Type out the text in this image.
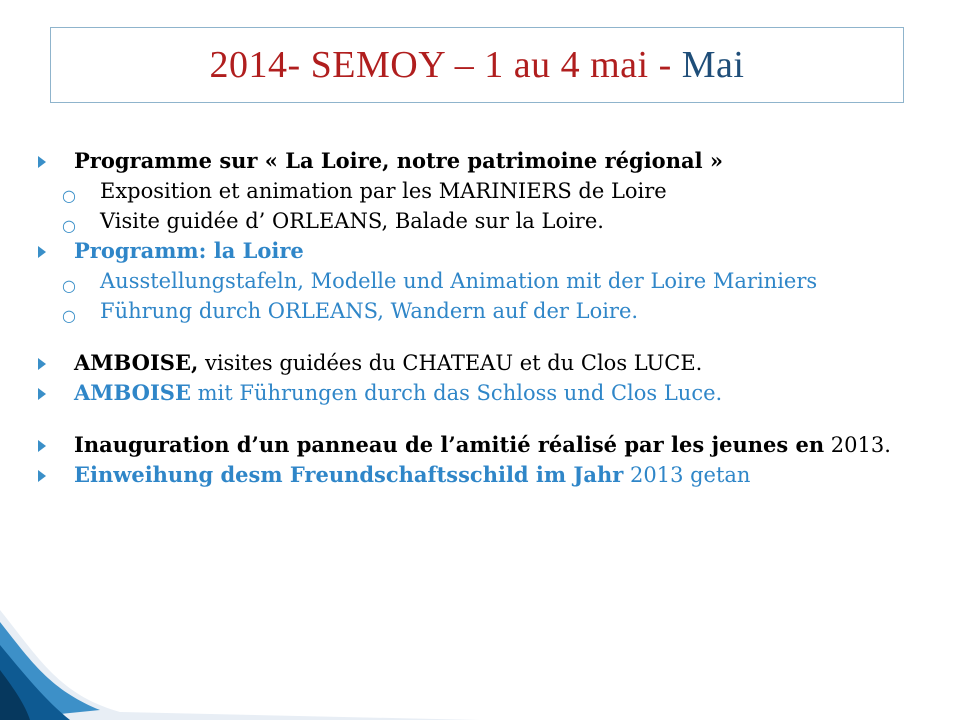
2014- SEMOY – 1 au 4 mai - Mai
Programme sur « La Loire, notre patrimoine régional »
○ Exposition et animation par les MARINIERS de Loire
○ Visite guidée d’ ORLEANS, Balade sur la Loire.
Programm: la Loire
○ Ausstellungstafeln, Modelle und Animation mit der Loire Mariniers
○ Führung durch ORLEANS, Wandern auf der Loire.
AMBOISE, visites guidées du CHATEAU et du Clos LUCE.
AMBOISE mit Führungen durch das Schloss und Clos Luce.
Inauguration d’un panneau de l’amitié réalisé par les jeunes en 2013.
Einweihung desm Freundschaftsschild im Jahr 2013 getan
